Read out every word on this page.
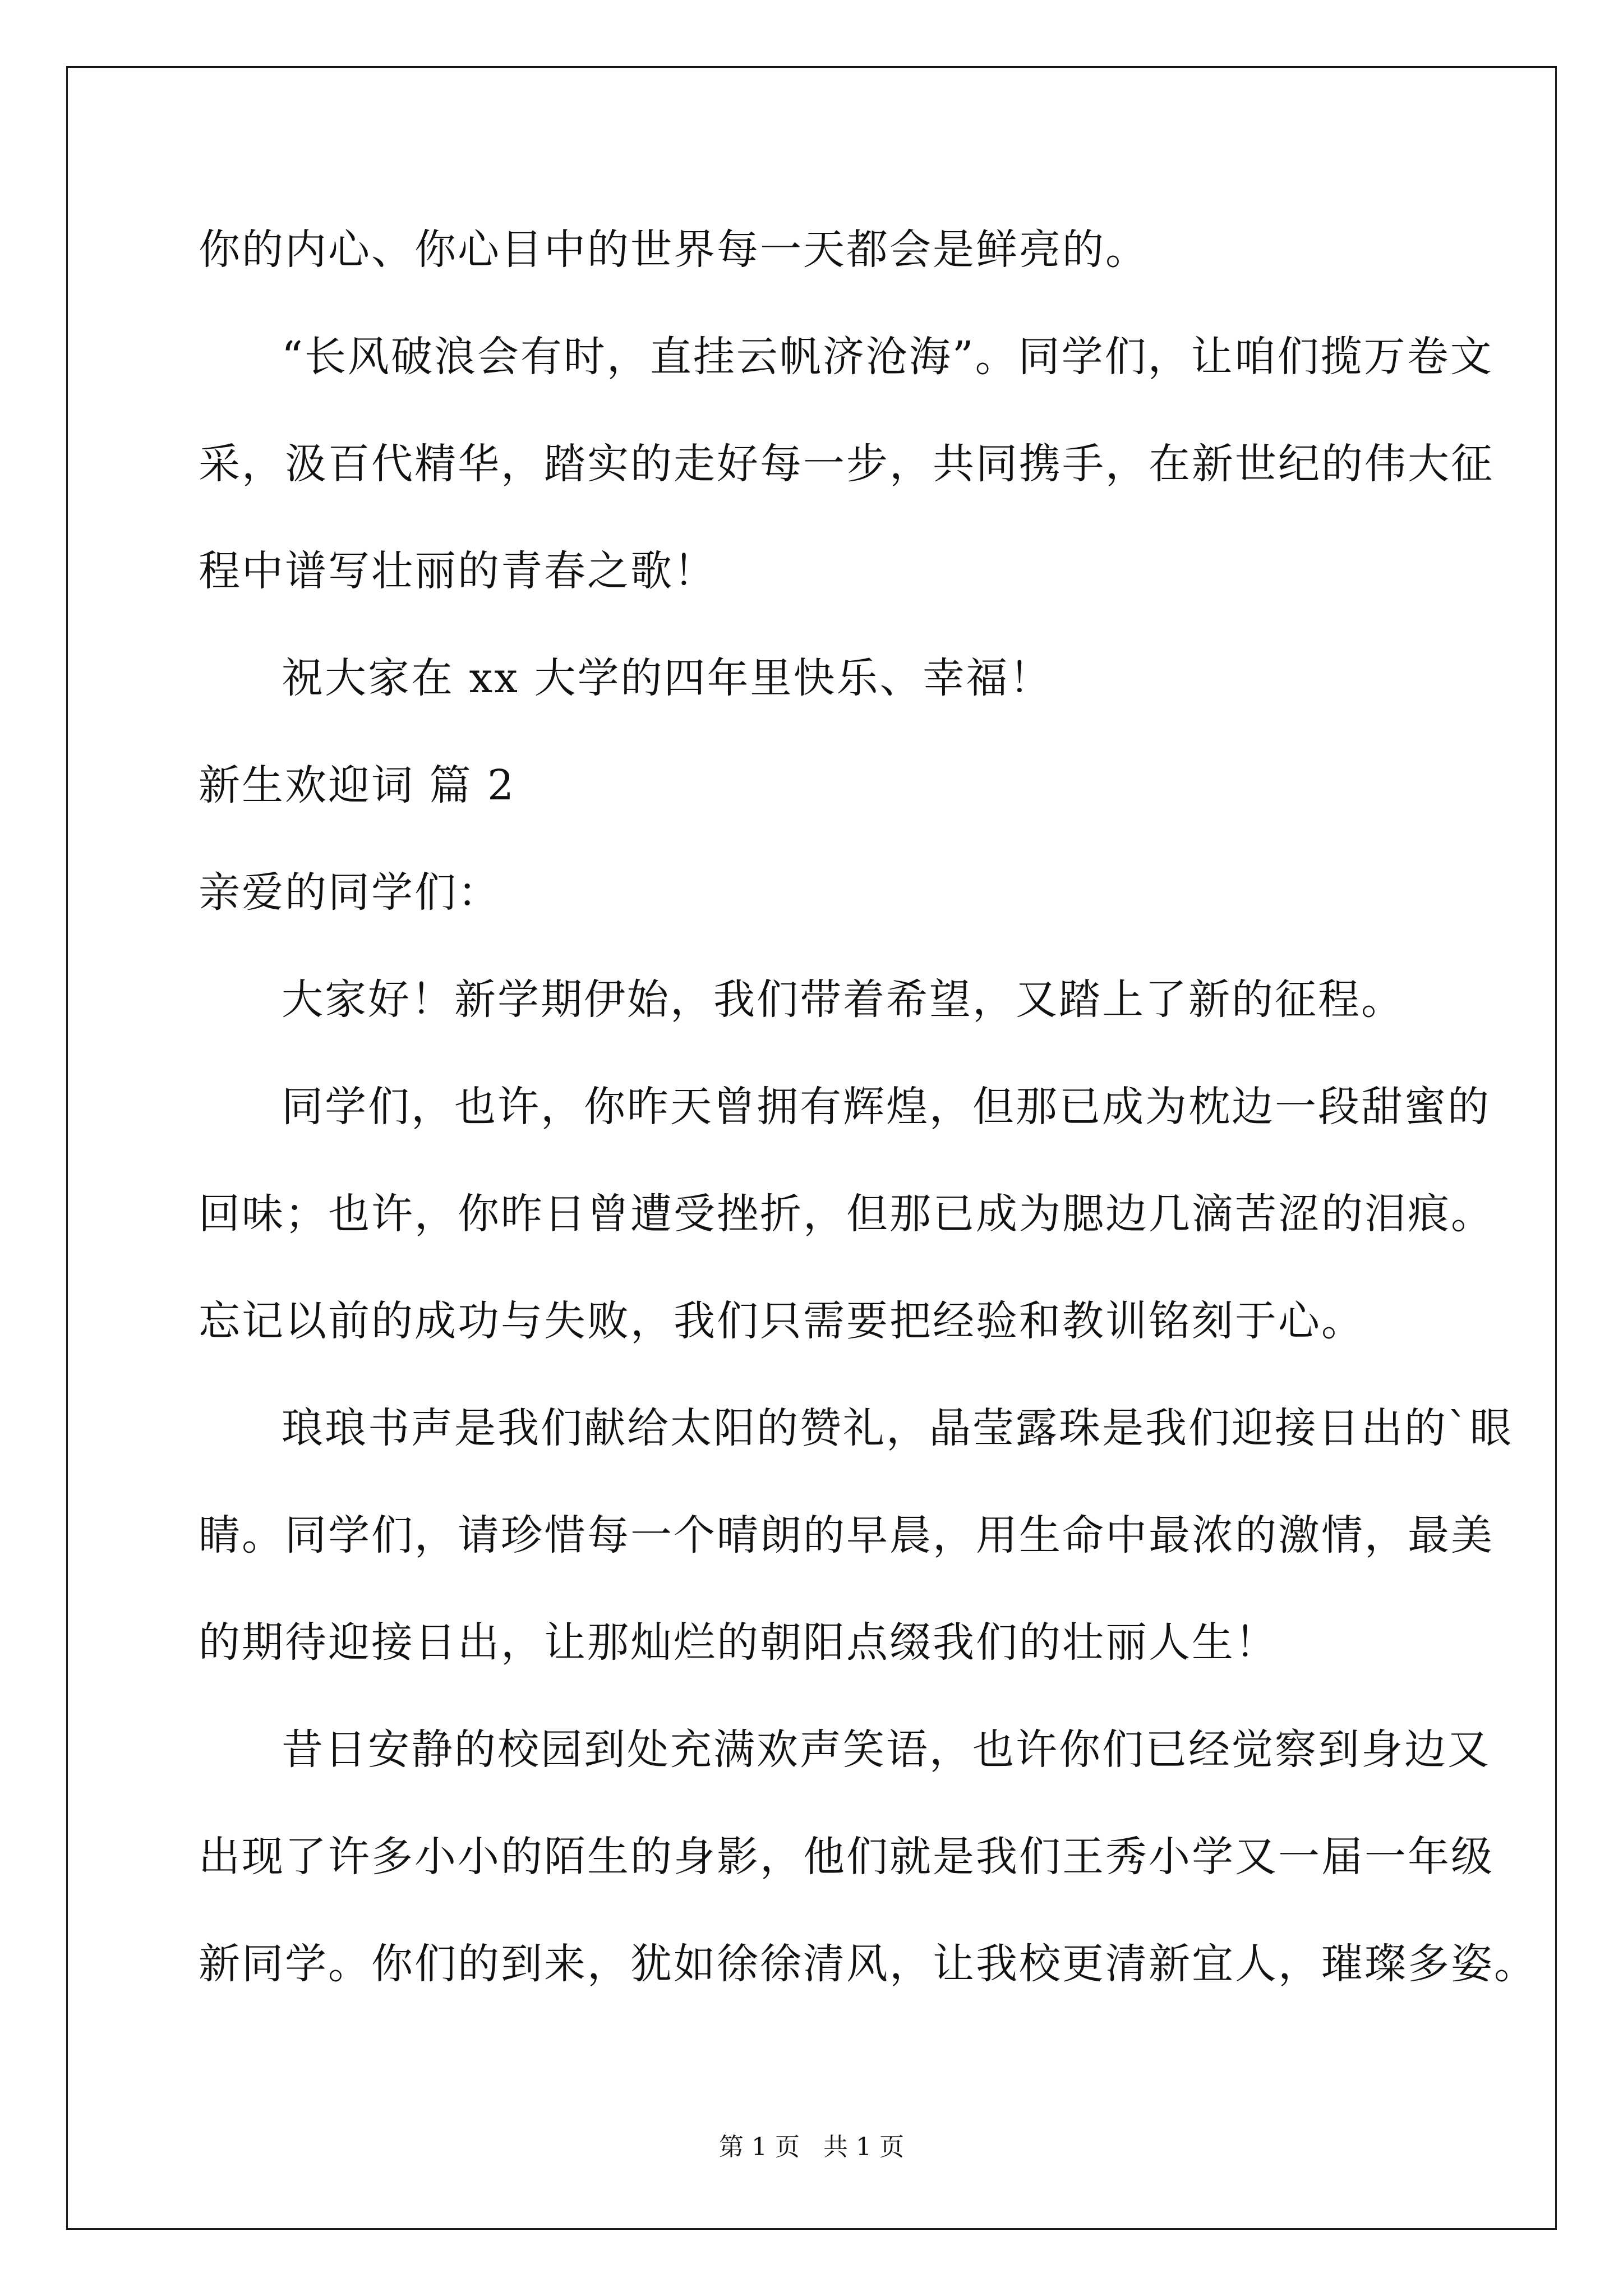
你的内心、你心目中的世界每一天都会是鲜亮的。
“长风破浪会有时，直挂云帆济沧海”。同学们，让咱们揽万卷文
采，汲百代精华，踏实的走好每一步，共同携手，在新世纪的伟大征
程中谱写壮丽的青春之歌！
祝大家在 xx 大学的四年里快乐、幸福！
新生欢迎词 篇 2
亲爱的同学们：
大家好！新学期伊始，我们带着希望，又踏上了新的征程。
同学们，也许，你昨天曾拥有辉煌，但那已成为枕边一段甜蜜的
回味；也许，你昨日曾遭受挫折，但那已成为腮边几滴苦涩的泪痕。
忘记以前的成功与失败，我们只需要把经验和教训铭刻于心。
琅琅书声是我们献给太阳的赞礼，晶莹露珠是我们迎接日出的`眼
睛。同学们，请珍惜每一个晴朗的早晨，用生命中最浓的激情，最美
的期待迎接日出，让那灿烂的朝阳点缀我们的壮丽人生！
昔日安静的校园到处充满欢声笑语，也许你们已经觉察到身边又
出现了许多小小的陌生的身影，他们就是我们王秀小学又一届一年级
新同学。你们的到来，犹如徐徐清风，让我校更清新宜人，璀璨多姿。
第 1 页   共 1 页
